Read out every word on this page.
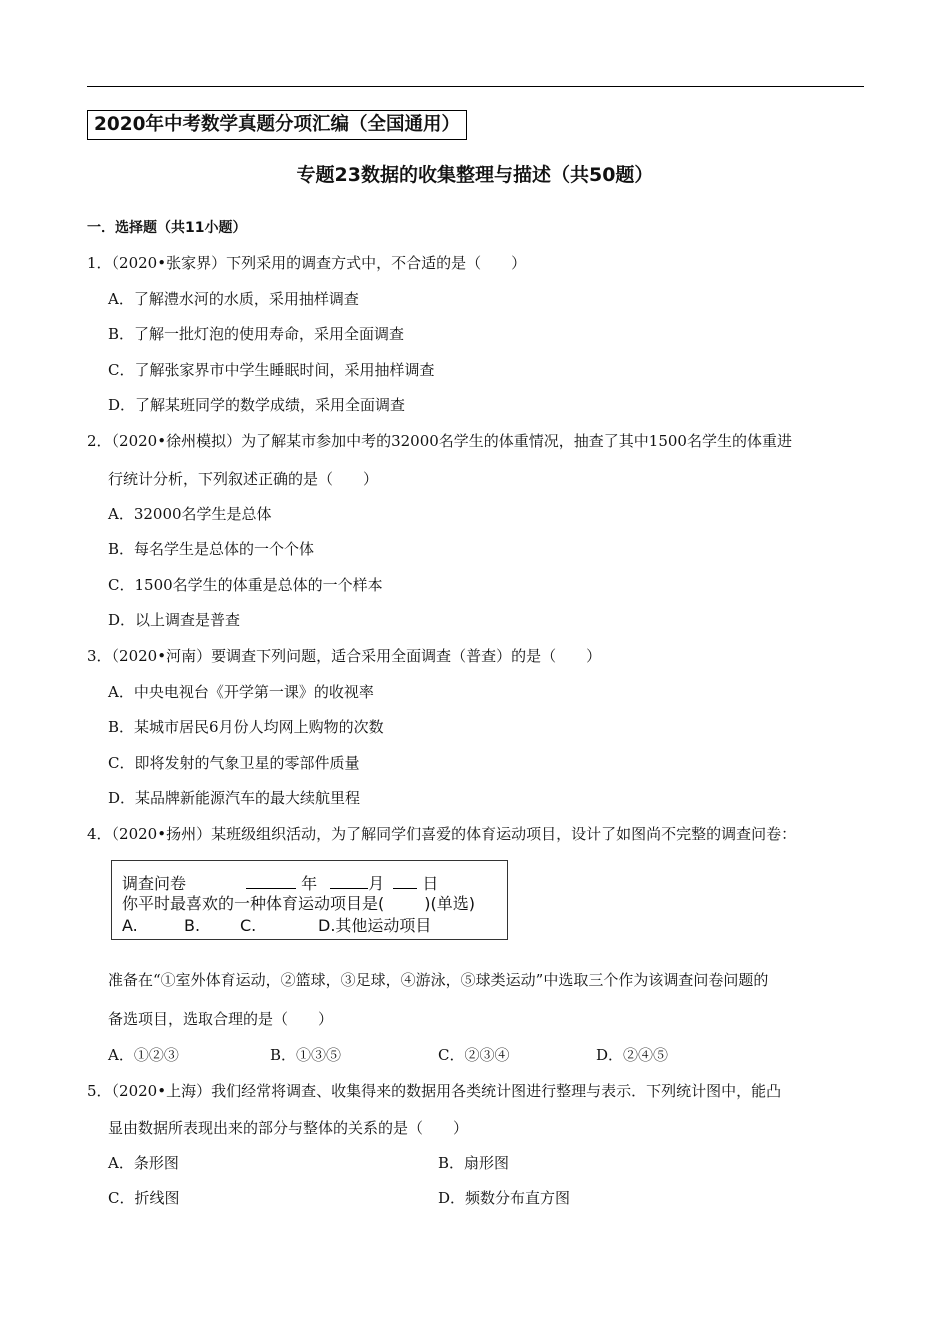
2020年中考数学真题分项汇编（全国通用）
专题23数据的收集整理与描述（共50题）
一．选择题（共11小题）
1．（2020•张家界）下列采用的调查方式中，不合适的是（　　）
A．了解澧水河的水质，采用抽样调查
B．了解一批灯泡的使用寿命，采用全面调查
C．了解张家界市中学生睡眠时间，采用抽样调查
D．了解某班同学的数学成绩，采用全面调查
2．（2020•徐州模拟）为了解某市参加中考的32000名学生的体重情况，抽查了其中1500名学生的体重进
行统计分析，下列叙述正确的是（　　）
A．32000名学生是总体
B．每名学生是总体的一个个体
C．1500名学生的体重是总体的一个样本
D．以上调查是普查
3．（2020•河南）要调查下列问题，适合采用全面调查（普查）的是（　　）
A．中央电视台《开学第一课》的收视率
B．某城市居民6月份人均网上购物的次数
C．即将发射的气象卫星的零部件质量
D．某品牌新能源汽车的最大续航里程
4．（2020•扬州）某班级组织活动，为了解同学们喜爱的体育运动项目，设计了如图尚不完整的调查问卷：
调查问卷	年	月 日
你平时最喜欢的一种体育运动项目是(	)(单选)
A.	B. C.	D.其他运动项目
准备在“①室外体育运动，②篮球，③足球，④游泳，⑤球类运动”中选取三个作为该调查问卷问题的
备选项目，选取合理的是（　　）
A．①②③	B．①③⑤	C．②③④	D．②④⑤
5．（2020•上海）我们经常将调查、收集得来的数据用各类统计图进行整理与表示．下列统计图中，能凸
显由数据所表现出来的部分与整体的关系的是（　　）
A．条形图	B．扇形图
C．折线图	D．频数分布直方图
